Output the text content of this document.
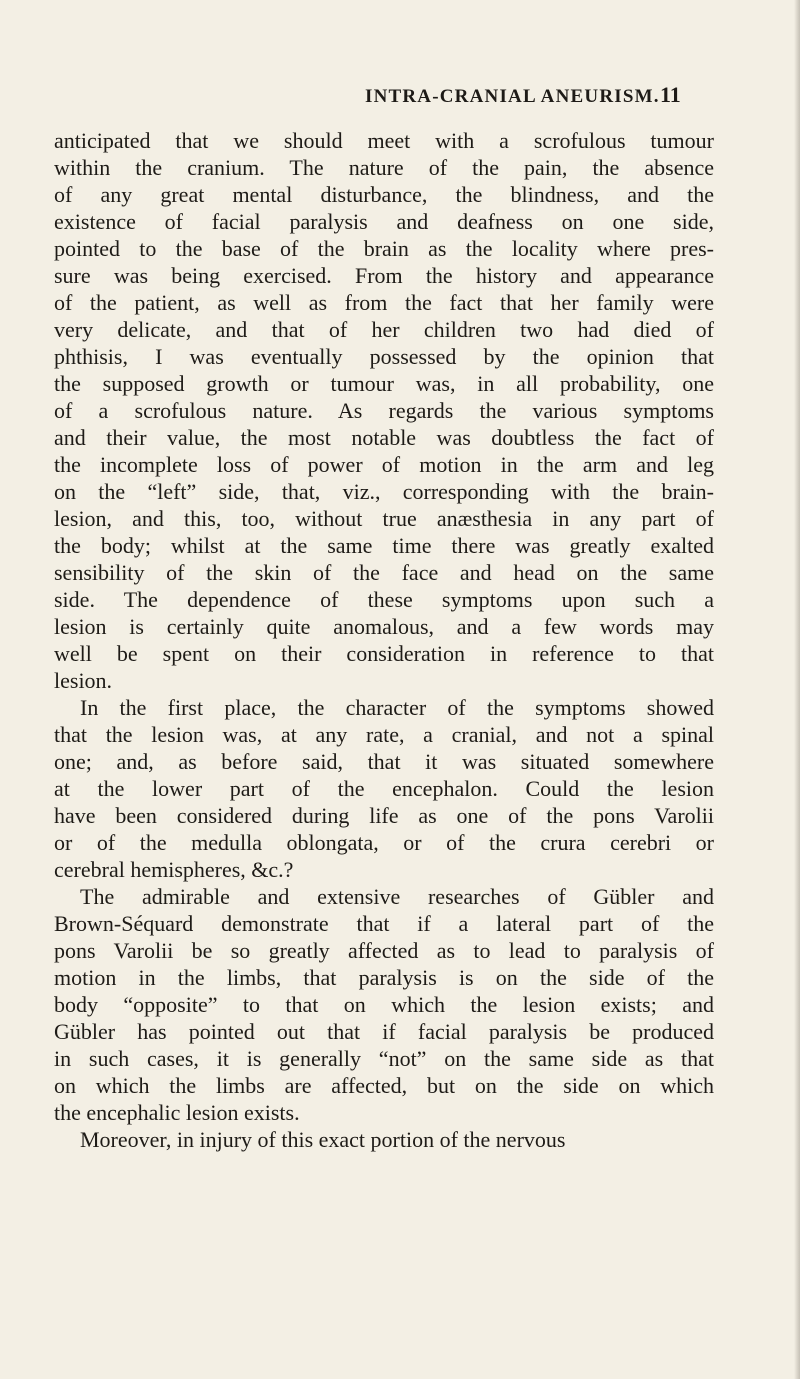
INTRA-CRANIAL ANEURISM. 11
anticipated that we should meet with a scrofulous tumour
within the cranium. The nature of the pain, the absence
of any great mental disturbance, the blindness, and the
existence of facial paralysis and deafness on one side,
pointed to the base of the brain as the locality where pres-
sure was being exercised. From the history and appearance
of the patient, as well as from the fact that her family were
very delicate, and that of her children two had died of
phthisis, I was eventually possessed by the opinion that
the supposed growth or tumour was, in all probability, one
of a scrofulous nature. As regards the various symptoms
and their value, the most notable was doubtless the fact of
the incomplete loss of power of motion in the arm and leg
on the “left” side, that, viz., corresponding with the brain-
lesion, and this, too, without true anæsthesia in any part of
the body; whilst at the same time there was greatly exalted
sensibility of the skin of the face and head on the same
side. The dependence of these symptoms upon such a
lesion is certainly quite anomalous, and a few words may
well be spent on their consideration in reference to that
lesion.
In the first place, the character of the symptoms showed
that the lesion was, at any rate, a cranial, and not a spinal
one; and, as before said, that it was situated somewhere
at the lower part of the encephalon. Could the lesion
have been considered during life as one of the pons Varolii
or of the medulla oblongata, or of the crura cerebri or
cerebral hemispheres, &c.?
The admirable and extensive researches of Gübler and
Brown-Séquard demonstrate that if a lateral part of the
pons Varolii be so greatly affected as to lead to paralysis of
motion in the limbs, that paralysis is on the side of the
body “opposite” to that on which the lesion exists; and
Gübler has pointed out that if facial paralysis be produced
in such cases, it is generally “not” on the same side as that
on which the limbs are affected, but on the side on which
the encephalic lesion exists.
Moreover, in injury of this exact portion of the nervous
